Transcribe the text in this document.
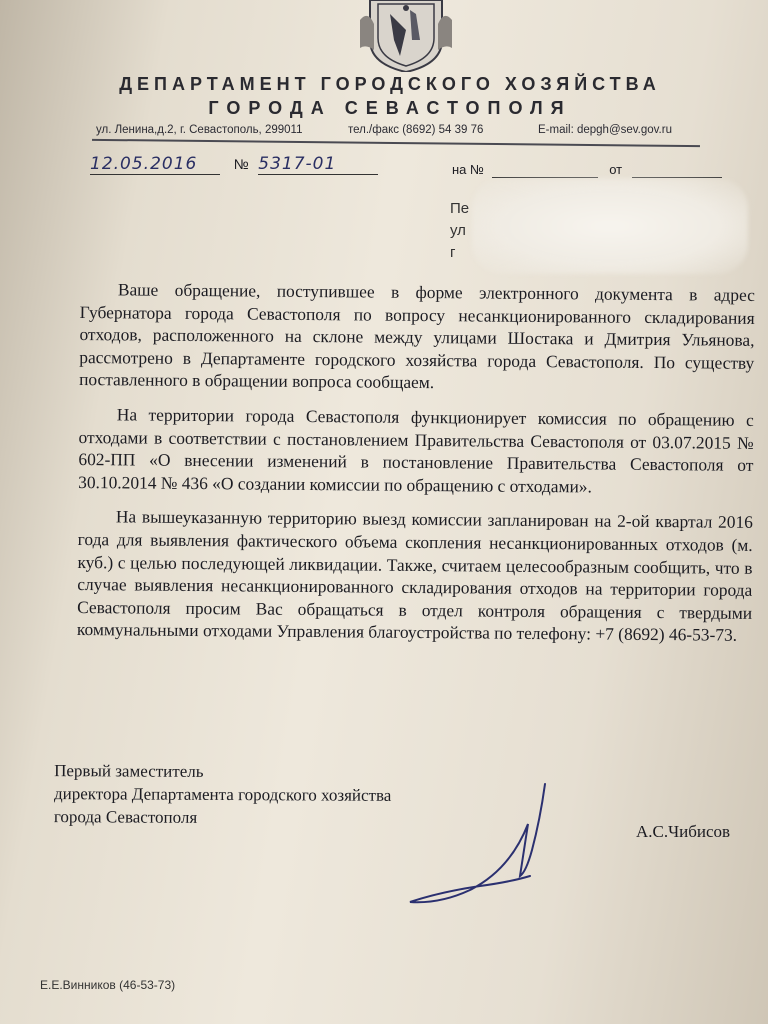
ДЕПАРТАМЕНТ ГОРОДСКОГО ХОЗЯЙСТВА
ГОРОДА СЕВАСТОПОЛЯ
ул. Ленина,д.2, г. Севастополь, 299011	тел./факс (8692) 54 39 76	E-mail: depgh@sev.gov.ru
12.05.2016	№ 5317-01	на №	от
Пе
ул
г

Ваше обращение, поступившее в форме электронного документа в адрес Губернатора города Севастополя по вопросу несанкционированного складирования отходов, расположенного на склоне между улицами Шостака и Дмитрия Ульянова, рассмотрено в Департаменте городского хозяйства города Севастополя. По существу поставленного в обращении вопроса сообщаем.

На территории города Севастополя функционирует комиссия по обращению с отходами в соответствии с постановлением Правительства Севастополя от 03.07.2015 № 602-ПП «О внесении изменений в постановление Правительства Севастополя от 30.10.2014 № 436 «О создании комиссии по обращению с отходами».

На вышеуказанную территорию выезд комиссии запланирован на 2-ой квартал 2016 года для выявления фактического объема скопления несанкционированных отходов (м. куб.) с целью последующей ликвидации. Также, считаем целесообразным сообщить, что в случае выявления несанкционированного складирования отходов на территории города Севастополя просим Вас обращаться в отдел контроля обращения с твердыми коммунальными отходами Управления благоустройства по телефону: +7 (8692) 46-53-73.

Первый заместитель
директора Департамента городского хозяйства
города Севастополя
А.С.Чибисов
Е.Е.Винников (46-53-73)
